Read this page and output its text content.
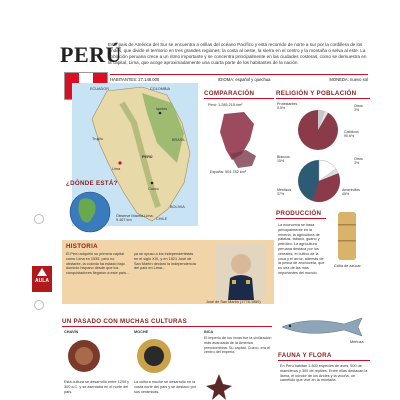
PERÚ
Este país de América del Sur se encuentra a orillas del océano Pacífico y está recorrido de norte a sur por la cordillera de los Andes, que divide el territorio en tres grandes regiones: la costa al oeste, la sierra en el centro y la montaña o selva al este. La población peruana crece a un ritmo importante y se concentra principalmente en las ciudades costeras, como se demuestra en la capital, Lima, que acoge aproximadamente una cuarta parte de los habitantes de la nación.
HABITANTES: 27.148.000	IDIOMA: español y quechua	MONEDA: nuevo sol
ECUADOR	COLOMBIA
BRASIL
PERÚ
Lima
Cuzco
BOLIVIA
CHILE
Iquitos
Trujillo
COMPARACIÓN
Perú: 1.285.215 km²
España: 504.782 km²
RELIGIÓN Y POBLACIÓN
Protestantes
5,5%
Otros
3%
Católicos
90,6%
Blancos
15%
Otros
3%
Mestizos
37%
Amerindios
45%
¿DÓNDE ESTÁ?
Observé Madrid-Lima: 9.467 km
PRODUCCIÓN
La economía se basa principalmente en la minería, la agricultura de patatas, tabaco, guano y petróleo. La agricultura peruana destaca por los cereales, el cultivo de la coca y el arroz, además de la pesca de anchoveta, que es una de las más importantes del mundo.
Caña de azúcar
Merluza
AULA
HISTORIA
El Perú adquirió su primera capital como Lima en 1535, pero no obstante, la colonia ha estado bajo dominio hispano desde que los conquistadores llegaron a este país...
ya se opuso a los independentistas en el siglo XIX, y en 1821 José de San Martín declaró la independencia del país en Lima...
José de San Martín (1778-1850)
UN PASADO CON MUCHAS CULTURAS
CHAVÍN	MOCHE	INCA
El imperio de los incas fue la civilización más avanzada de la América precolombina. Su capital, Cuzco, era el centro del imperio.
Esta cultura se desarrolló entre 1200 y 300 a.C. y se asentaba en el norte del país.
La cultura moche se desarrolló en la costa norte del país y se destacó por sus cerámicas.
FAUNA Y FLORA
En Perú habitan 1.800 especies de aves, 500 de mamíferos y 300 de reptiles. Entre ellas destacan la llama, el cóndor de los Andes y la vicuña, un camélido que vive en la montaña.
